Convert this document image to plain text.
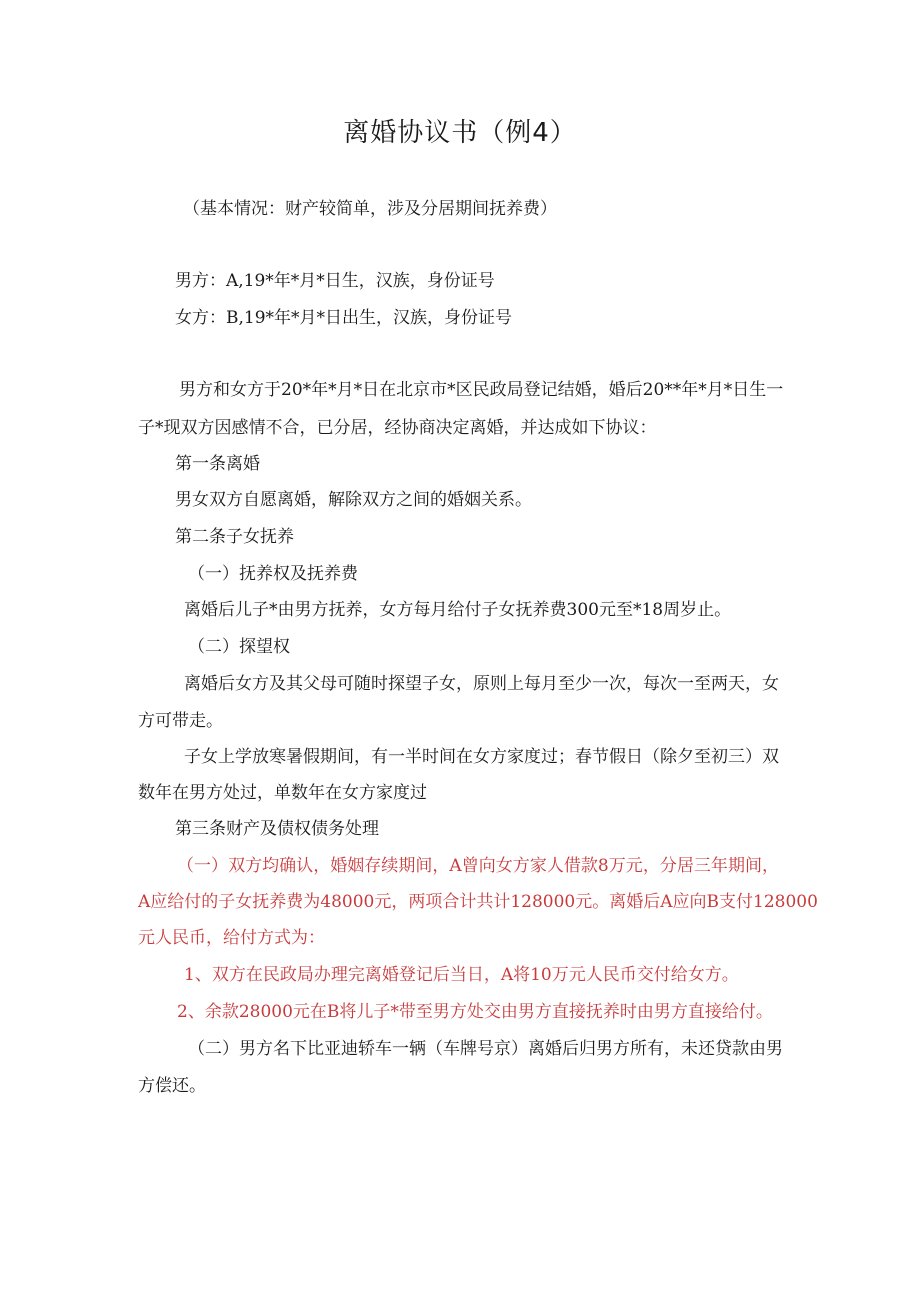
离婚协议书（例4）
（基本情况：财产较简单，涉及分居期间抚养费）
男方：A,19*年*月*日生，汉族，身份证号
女方：B,19*年*月*日出生，汉族，身份证号
男方和女方于20*年*月*日在北京市*区民政局登记结婚，婚后20**年*月*日生一
子*现双方因感情不合，已分居，经协商决定离婚，并达成如下协议：
第一条离婚
男女双方自愿离婚，解除双方之间的婚姻关系。
第二条子女抚养
（一）抚养权及抚养费
离婚后儿子*由男方抚养，女方每月给付子女抚养费300元至*18周岁止。
（二）探望权
离婚后女方及其父母可随时探望子女，原则上每月至少一次，每次一至两天，女
方可带走。
子女上学放寒暑假期间，有一半时间在女方家度过；春节假日（除夕至初三）双
数年在男方处过，单数年在女方家度过
第三条财产及债权债务处理
（一）双方均确认，婚姻存续期间，A曾向女方家人借款8万元，分居三年期间，
A应给付的子女抚养费为48000元，两项合计共计128000元。离婚后A应向B支付128000
元人民币，给付方式为：
1、双方在民政局办理完离婚登记后当日，A将10万元人民币交付给女方。
2、余款28000元在B将儿子*带至男方处交由男方直接抚养时由男方直接给付。
（二）男方名下比亚迪轿车一辆（车牌号京）离婚后归男方所有，未还贷款由男
方偿还。
